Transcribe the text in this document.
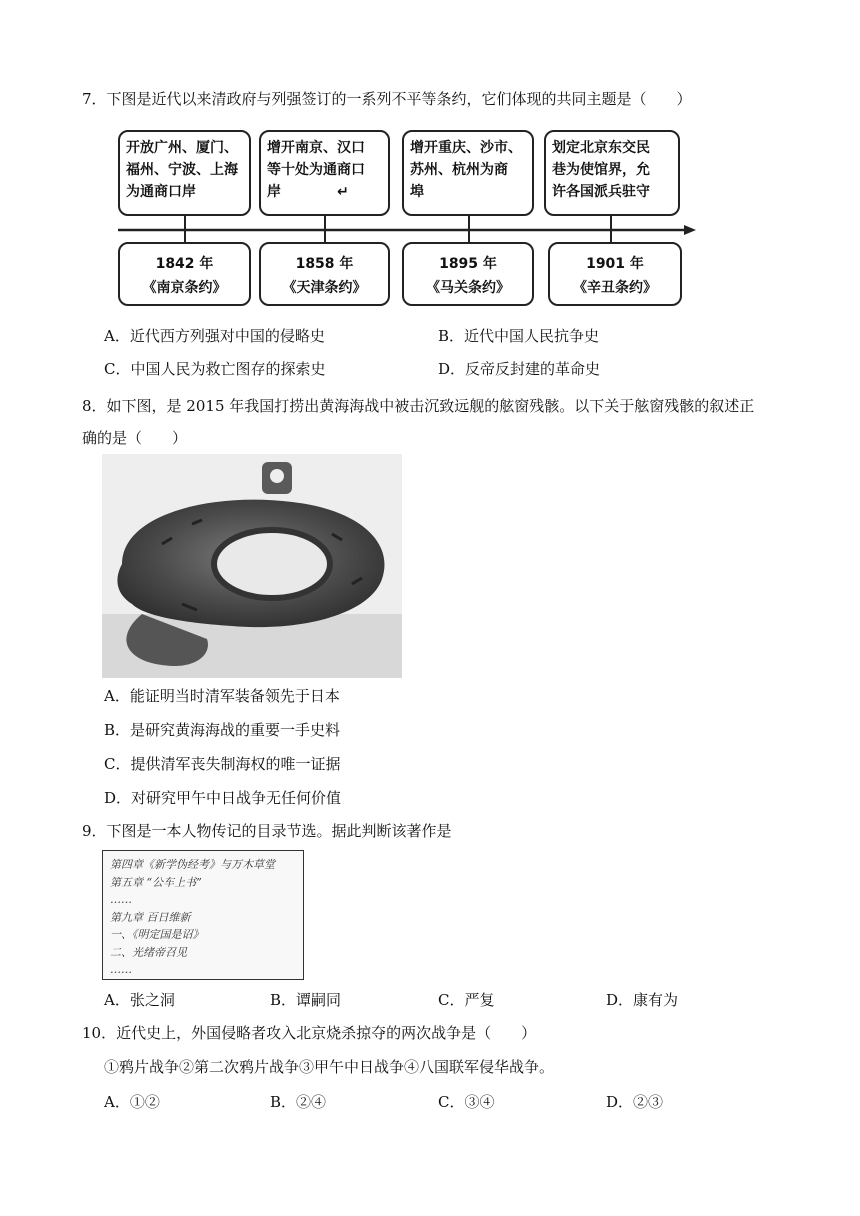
7．下图是近代以来清政府与列强签订的一系列不平等条约，它们体现的共同主题是（　　）
开放广州、厦门、
福州、宁波、上海
为通商口岸
1842 年
《南京条约》
增开南京、汉口
等十处为通商口
岸　　　　↵
1858 年
《天津条约》
增开重庆、沙市、
苏州、杭州为商
埠
1895 年
《马关条约》
划定北京东交民
巷为使馆界，允
许各国派兵驻守
1901 年
《辛丑条约》
A．近代西方列强对中国的侵略史	B．近代中国人民抗争史
C．中国人民为救亡图存的探索史	D．反帝反封建的革命史
8．如下图，是 2015 年我国打捞出黄海海战中被击沉致远舰的舷窗残骸。以下关于舷窗残骸的叙述正
确的是（　　）
A．能证明当时清军装备领先于日本
B．是研究黄海海战的重要一手史料
C．提供清军丧失制海权的唯一证据
D．对研究甲午中日战争无任何价值
9．下图是一本人物传记的目录节选。据此判断该著作是
第四章《新学伪经考》与万木草堂
第五章 “公车上书”
……
第九章 百日维新
一、《明定国是诏》
二、光绪帝召见
……
A．张之洞	B．谭嗣同	C．严复	D．康有为
10．近代史上，外国侵略者攻入北京烧杀掠夺的两次战争是（　　）
①鸦片战争②第二次鸦片战争③甲午中日战争④八国联军侵华战争。
A．①②	B．②④	C．③④	D．②③
